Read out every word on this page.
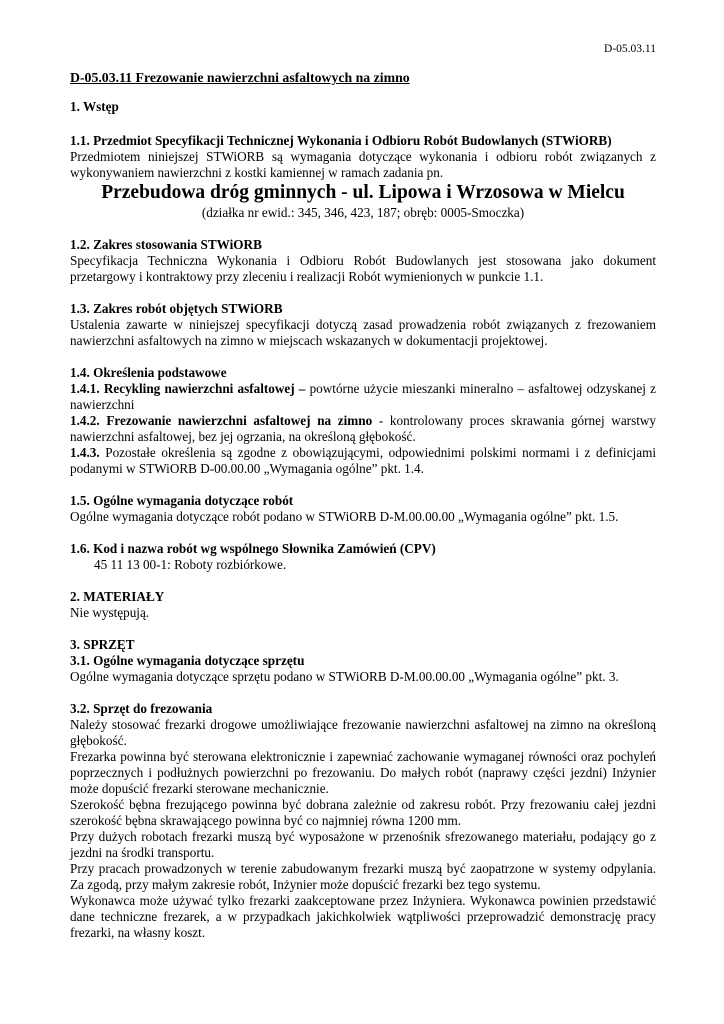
D-05.03.11
D-05.03.11 Frezowanie nawierzchni asfaltowych na zimno
1. Wstęp
1.1. Przedmiot Specyfikacji Technicznej Wykonania i Odbioru Robót Budowlanych (STWiORB)
Przedmiotem niniejszej STWiORB są wymagania dotyczące wykonania i odbioru robót związanych z wykonywaniem nawierzchni z kostki kamiennej w ramach zadania pn.
Przebudowa dróg gminnych - ul. Lipowa i Wrzosowa w Mielcu
(działka nr ewid.: 345, 346, 423, 187; obręb: 0005-Smoczka)
1.2. Zakres stosowania STWiORB
Specyfikacja Techniczna Wykonania i Odbioru Robót Budowlanych jest stosowana jako dokument przetargowy i kontraktowy przy zleceniu i realizacji Robót wymienionych w punkcie 1.1.
1.3. Zakres robót objętych STWiORB
Ustalenia zawarte w niniejszej specyfikacji dotyczą zasad prowadzenia robót związanych z frezowaniem nawierzchni asfaltowych na zimno w miejscach wskazanych w dokumentacji projektowej.
1.4. Określenia podstawowe
1.4.1. Recykling nawierzchni asfaltowej – powtórne użycie mieszanki mineralno – asfaltowej odzyskanej z nawierzchni
1.4.2. Frezowanie nawierzchni asfaltowej na zimno - kontrolowany proces skrawania górnej warstwy nawierzchni asfaltowej, bez jej ogrzania, na określoną głębokość.
1.4.3. Pozostałe określenia są zgodne z obowiązującymi, odpowiednimi polskimi normami i z definicjami podanymi w STWiORB D-00.00.00 „Wymagania ogólne” pkt. 1.4.
1.5. Ogólne wymagania dotyczące robót
Ogólne wymagania dotyczące robót podano w STWiORB D-M.00.00.00 „Wymagania ogólne” pkt. 1.5.
1.6. Kod i nazwa robót wg wspólnego Słownika Zamówień (CPV)
45 11 13 00-1: Roboty rozbiórkowe.
2. MATERIAŁY
Nie występują.
3. SPRZĘT
3.1. Ogólne wymagania dotyczące sprzętu
Ogólne wymagania dotyczące sprzętu podano w STWiORB D-M.00.00.00 „Wymagania ogólne” pkt. 3.
3.2. Sprzęt do frezowania
Należy stosować frezarki drogowe umożliwiające frezowanie nawierzchni asfaltowej na zimno na określoną głębokość.
Frezarka powinna być sterowana elektronicznie i zapewniać zachowanie wymaganej równości oraz pochyleń poprzecznych i podłużnych powierzchni po frezowaniu. Do małych robót (naprawy części jezdni) Inżynier może dopuścić frezarki sterowane mechanicznie.
Szerokość bębna frezującego powinna być dobrana zależnie od zakresu robót. Przy frezowaniu całej jezdni szerokość bębna skrawającego powinna być co najmniej równa 1200 mm.
Przy dużych robotach frezarki muszą być wyposażone w przenośnik sfrezowanego materiału, podający go z jezdni na środki transportu.
Przy pracach prowadzonych w terenie zabudowanym frezarki muszą być zaopatrzone w systemy odpylania. Za zgodą, przy małym zakresie robót, Inżynier może dopuścić frezarki bez tego systemu.
Wykonawca może używać tylko frezarki zaakceptowane przez Inżyniera. Wykonawca powinien przedstawić dane techniczne frezarek, a w przypadkach jakichkolwiek wątpliwości przeprowadzić demonstrację pracy frezarki, na własny koszt.
